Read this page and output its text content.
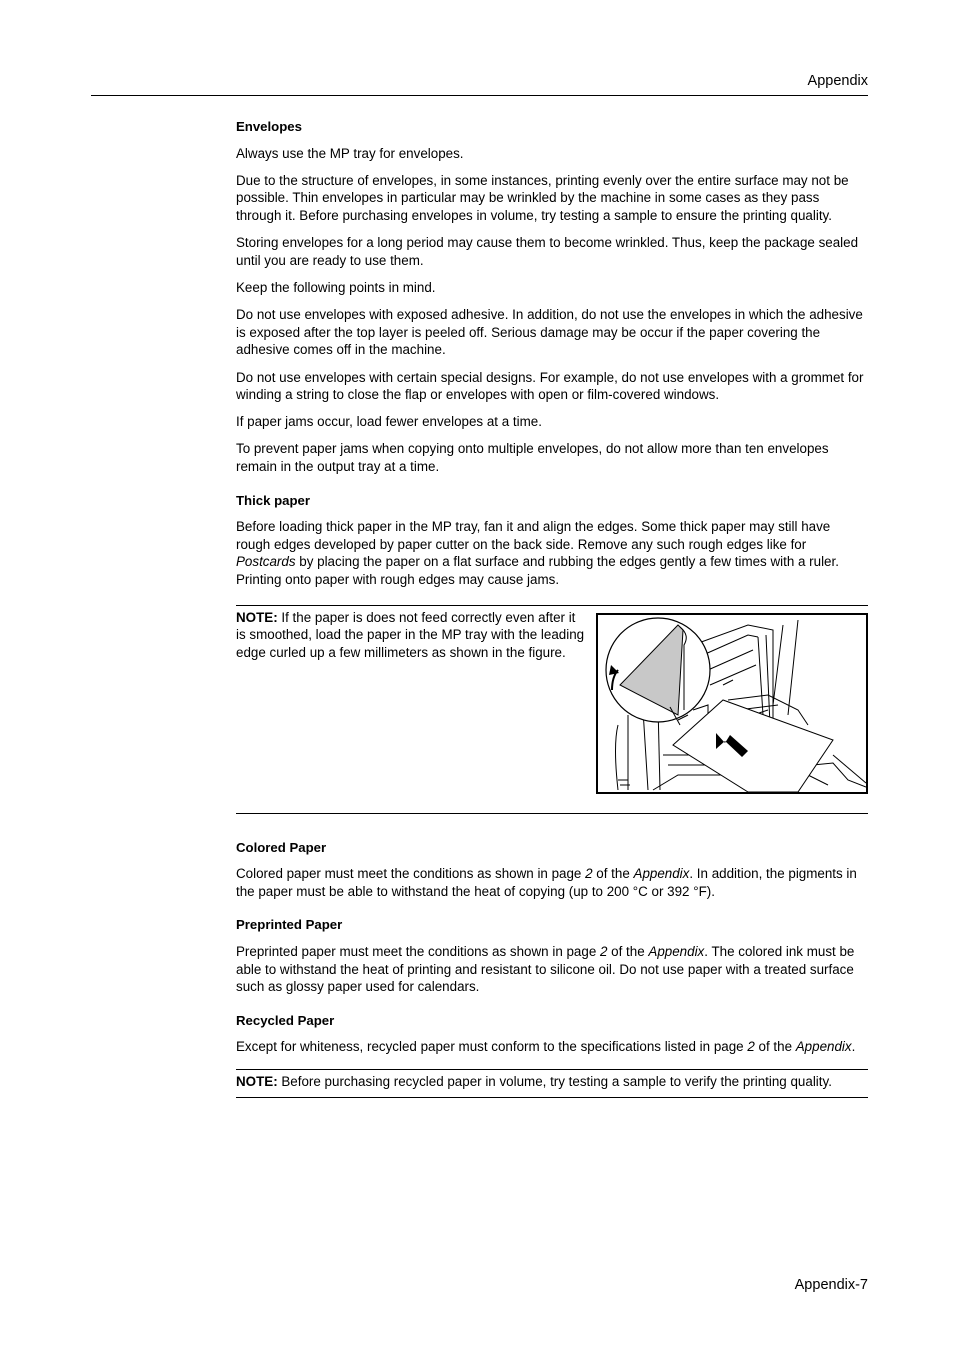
Appendix
Envelopes

Always use the MP tray for envelopes.

Due to the structure of envelopes, in some instances, printing evenly over the entire surface may not be possible. Thin envelopes in particular may be wrinkled by the machine in some cases as they pass through it. Before purchasing envelopes in volume, try testing a sample to ensure the printing quality.

Storing envelopes for a long period may cause them to become wrinkled. Thus, keep the package sealed until you are ready to use them.

Keep the following points in mind.

Do not use envelopes with exposed adhesive. In addition, do not use the envelopes in which the adhesive is exposed after the top layer is peeled off. Serious damage may be occur if the paper covering the adhesive comes off in the machine.

Do not use envelopes with certain special designs. For example, do not use envelopes with a grommet for winding a string to close the flap or envelopes with open or film-covered windows.

If paper jams occur, load fewer envelopes at a time.

To prevent paper jams when copying onto multiple envelopes, do not allow more than ten envelopes remain in the output tray at a time.

Thick paper

Before loading thick paper in the MP tray, fan it and align the edges. Some thick paper may still have rough edges developed by paper cutter on the back side. Remove any such rough edges like for Postcards by placing the paper on a flat surface and rubbing the edges gently a few times with a ruler. Printing onto paper with rough edges may cause jams.

NOTE: If the paper is does not feed correctly even after it is smoothed, load the paper in the MP tray with the leading edge curled up a few millimeters as shown in the figure.

Colored Paper

Colored paper must meet the conditions as shown in page 2 of the Appendix. In addition, the pigments in the paper must be able to withstand the heat of copying (up to 200 °C or 392 °F).

Preprinted Paper

Preprinted paper must meet the conditions as shown in page 2 of the Appendix. The colored ink must be able to withstand the heat of printing and resistant to silicone oil. Do not use paper with a treated surface such as glossy paper used for calendars.

Recycled Paper

Except for whiteness, recycled paper must conform to the specifications listed in page 2 of the Appendix.

NOTE: Before purchasing recycled paper in volume, try testing a sample to verify the printing quality.
Appendix-7
